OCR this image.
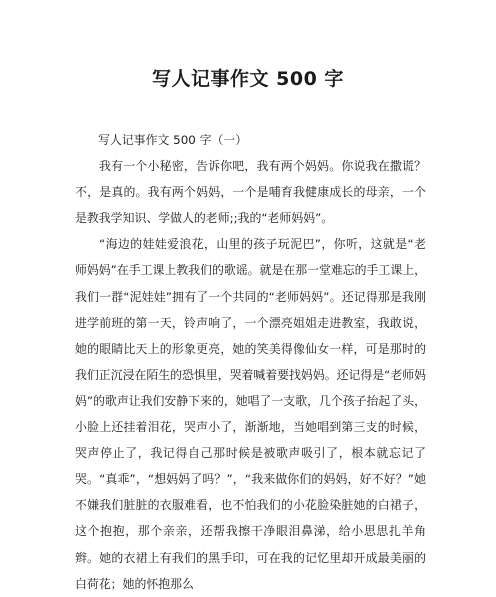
写人记事作文 500 字

写人记事作文 500 字（一）

我有一个小秘密，告诉你吧，我有两个妈妈。你说我在撒谎？不，是真的。我有两个妈妈，一个是哺育我健康成长的母亲，一个是教我学知识、学做人的老师;;我的“老师妈妈”。

“海边的娃娃爱浪花，山里的孩子玩泥巴”，你听，这就是“老师妈妈”在手工课上教我们的歌谣。就是在那一堂难忘的手工课上，我们一群“泥娃娃”拥有了一个共同的“老师妈妈”。还记得那是我刚进学前班的第一天，铃声响了，一个漂亮姐姐走进教室，我敢说，她的眼睛比天上的形象更亮，她的笑美得像仙女一样，可是那时的我们正沉浸在陌生的恐惧里，哭着喊着要找妈妈。还记得是“老师妈妈”的歌声让我们安静下来的，她唱了一支歌，几个孩子抬起了头，小脸上还挂着泪花，哭声小了，渐渐地，当她唱到第三支的时候，哭声停止了，我记得自己那时候是被歌声吸引了，根本就忘记了哭。“真乖”，“想妈妈了吗？”，“我来做你们的妈妈，好不好？”她不嫌我们脏脏的衣服难看，也不怕我们的小花脸染脏她的白裙子，这个抱抱，那个亲亲，还帮我擦干净眼泪鼻涕，给小思思扎羊角辫。她的衣裙上有我们的黑手印，可在我的记忆里却开成最美丽的白荷花；她的怀抱那么
